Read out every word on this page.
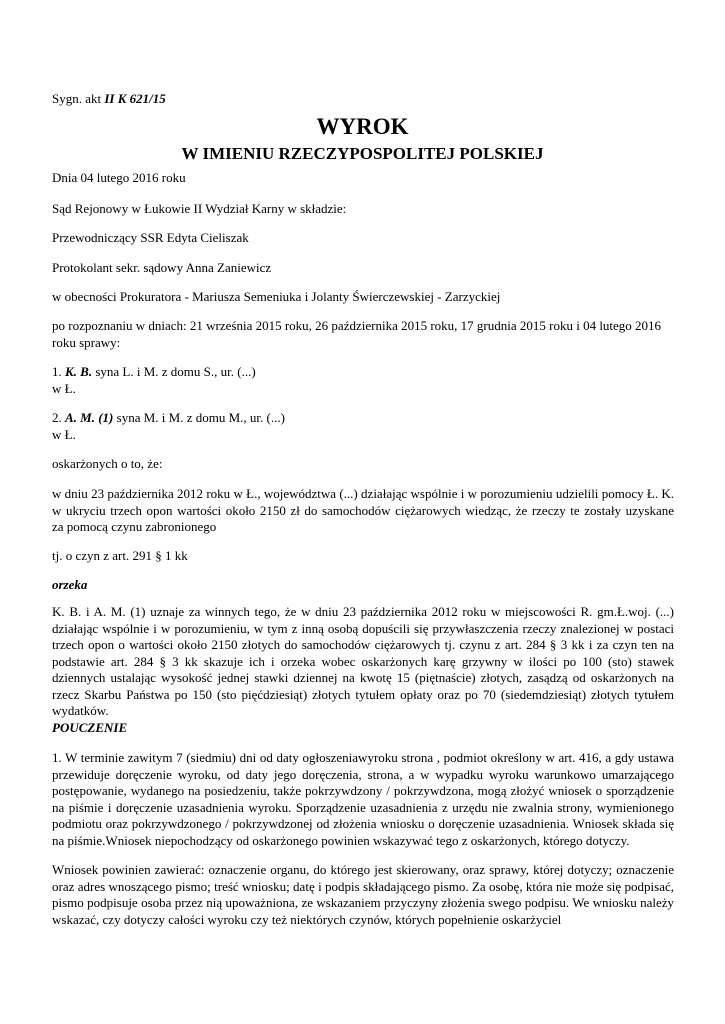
Sygn. akt II K 621/15

WYROK
W IMIENIU RZECZYPOSPOLITEJ POLSKIEJ

Dnia 04 lutego 2016 roku

Sąd Rejonowy w Łukowie II Wydział Karny w składzie:

Przewodniczący SSR Edyta Cieliszak

Protokolant sekr. sądowy Anna Zaniewicz

w obecności Prokuratora - Mariusza Semeniuka i Jolanty Świerczewskiej - Zarzyckiej

po rozpoznaniu w dniach: 21 września 2015 roku, 26 października 2015 roku, 17 grudnia 2015 roku i 04 lutego 2016 roku sprawy:

1. K. B. syna L. i M. z domu S., ur. (...)
w Ł.

2. A. M. (1) syna M. i M. z domu M., ur. (...)
w Ł.

oskarżonych o to, że:

w dniu 23 października 2012 roku w Ł., województwa (...) działając wspólnie i w porozumieniu udzielili pomocy Ł. K.
w ukryciu trzech opon wartości około 2150 zł do samochodów ciężarowych wiedząc, że rzeczy te zostały uzyskane
za pomocą czynu zabronionego

tj. o czyn z art. 291 § 1 kk

orzeka

K. B. i A. M. (1) uznaje za winnych tego, że w dniu 23 października 2012 roku w miejscowości R. gm.Ł.woj. (...) działając wspólnie i w porozumieniu, w tym z inną osobą dopuścili się przywłaszczenia rzeczy znalezionej w postaci trzech opon o wartości około 2150 złotych do samochodów ciężarowych tj. czynu z art. 284 § 3 kk i za czyn ten na podstawie art. 284 § 3 kk skazuje ich i orzeka wobec oskarżonych karę grzywny w ilości po 100 (sto) stawek dziennych ustalając wysokość jednej stawki dziennej na kwotę 15 (piętnaście) złotych, zasądzą od oskarżonych na rzecz Skarbu Państwa po 150 (sto pięćdziesiąt) złotych tytułem opłaty oraz po 70 (siedemdziesiąt) złotych tytułem wydatków.

POUCZENIE

1. W terminie zawitym 7 (siedmiu) dni od daty ogłoszeniawyroku strona , podmiot określony w art. 416, a gdy ustawa przewiduje doręczenie wyroku, od daty jego doręczenia, strona, a w wypadku wyroku warunkowo umarzającego postępowanie, wydanego na posiedzeniu, także pokrzywdzony / pokrzywdzona, mogą złożyć wniosek o sporządzenie na piśmie i doręczenie uzasadnienia wyroku. Sporządzenie uzasadnienia z urzędu nie zwalnia strony, wymienionego podmiotu oraz pokrzywdzonego / pokrzywdzonej od złożenia wniosku o doręczenie uzasadnienia. Wniosek składa się na piśmie.Wniosek niepochodzący od oskarżonego powinien wskazywać tego z oskarżonych, którego dotyczy.

Wniosek powinien zawierać: oznaczenie organu, do którego jest skierowany, oraz sprawy, której dotyczy; oznaczenie oraz adres wnoszącego pismo; treść wniosku; datę i podpis składającego pismo. Za osobę, która nie może się podpisać, pismo podpisuje osoba przez nią upoważniona, ze wskazaniem przyczyny złożenia swego podpisu. We wniosku należy wskazać, czy dotyczy całości wyroku czy też niektórych czynów, których popełnienie oskarżyciel
